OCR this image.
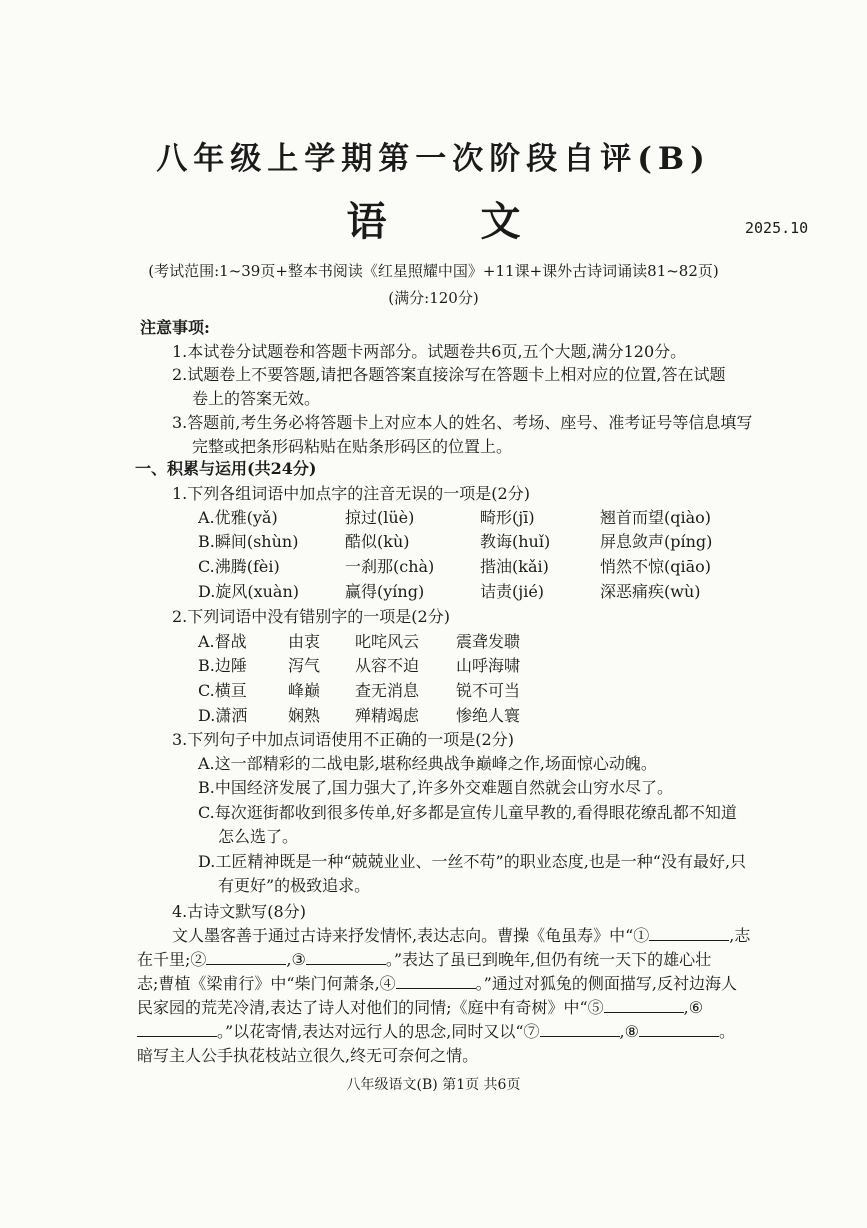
八年级上学期第一次阶段自评(B)
语 文	2025.10
(考试范围:1~39页+整本书阅读《红星照耀中国》+11课+课外古诗词诵读81~82页)
(满分:120分)
注意事项:
1.本试卷分试题卷和答题卡两部分。试题卷共6页,五个大题,满分120分。
2.试题卷上不要答题,请把各题答案直接涂写在答题卡上相对应的位置,答在试题
卷上的答案无效。
3.答题前,考生务必将答题卡上对应本人的姓名、考场、座号、准考证号等信息填写
完整或把条形码粘贴在贴条形码区的位置上。
一、积累与运用(共24分)
1.下列各组词语中加点字的注音无误的一项是(2分)
A.优雅(yǎ)	掠过(lüè)	畸形(jī)	翘首而望(qiào)
B.瞬间(shùn)	酷似(kù)	教诲(huǐ)	屏息敛声(píng)
C.沸腾(fèi)	一刹那(chà)	揩油(kǎi)	悄然不惊(qiāo)
D.旋风(xuàn)	赢得(yíng)	诘责(jié)	深恶痛疾(wù)
2.下列词语中没有错别字的一项是(2分)
A.督战	由衷 叱咤风云 震聋发聩
B.边陲	泻气 从容不迫 山呼海啸
C.横亘	峰巅 查无消息 锐不可当
D.潇洒	娴熟 殚精竭虑 惨绝人寰
3.下列句子中加点词语使用不正确的一项是(2分)
A.这一部精彩的二战电影,堪称经典战争巅峰之作,场面惊心动魄。
B.中国经济发展了,国力强大了,许多外交难题自然就会山穷水尽了。
C.每次逛街都收到很多传单,好多都是宣传儿童早教的,看得眼花缭乱都不知道
怎么选了。
D.工匠精神既是一种“兢兢业业、一丝不苟”的职业态度,也是一种“没有最好,只
有更好”的极致追求。
4.古诗文默写(8分)
文人墨客善于通过古诗来抒发情怀,表达志向。曹操《龟虽寿》中“①	,志
在千里;②	,③	。”表达了虽已到晚年,但仍有统一天下的雄心壮
志;曹植《梁甫行》中“柴门何萧条,④	。”通过对狐兔的侧面描写,反衬边海人
民家园的荒芜冷清,表达了诗人对他们的同情;《庭中有奇树》中“⑤	,⑥
。”以花寄情,表达对远行人的思念,同时又以“⑦	,⑧	。
暗写主人公手执花枝站立很久,终无可奈何之情。
八年级语文(B) 第1页 共6页
